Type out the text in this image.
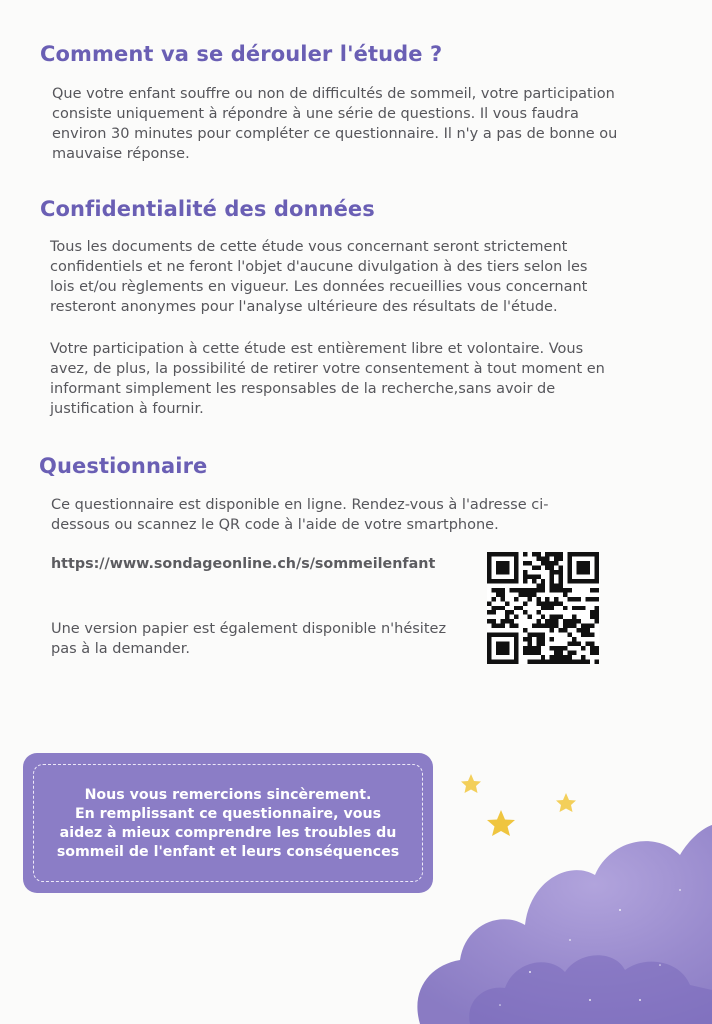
Comment va se dérouler l'étude ?

Que votre enfant souffre ou non de difficultés de sommeil, votre participation
consiste uniquement à répondre à une série de questions. Il vous faudra
environ 30 minutes pour compléter ce questionnaire. Il n'y a pas de bonne ou
mauvaise réponse.

Confidentialité des données

Tous les documents de cette étude vous concernant seront strictement
confidentiels et ne feront l'objet d'aucune divulgation à des tiers selon les
lois et/ou règlements en vigueur. Les données recueillies vous concernant
resteront anonymes pour l'analyse ultérieure des résultats de l'étude.

Votre participation à cette étude est entièrement libre et volontaire. Vous
avez, de plus, la possibilité de retirer votre consentement à tout moment en
informant simplement les responsables de la recherche,sans avoir de
justification à fournir.

Questionnaire

Ce questionnaire est disponible en ligne. Rendez-vous à l'adresse ci-
dessous ou scannez le QR code à l'aide de votre smartphone.

https://www.sondageonline.ch/s/sommeilenfant

Une version papier est également disponible n'hésitez
pas à la demander.

Nous vous remercions sincèrement.
En remplissant ce questionnaire, vous
aidez à mieux comprendre les troubles du
sommeil de l'enfant et leurs conséquences
